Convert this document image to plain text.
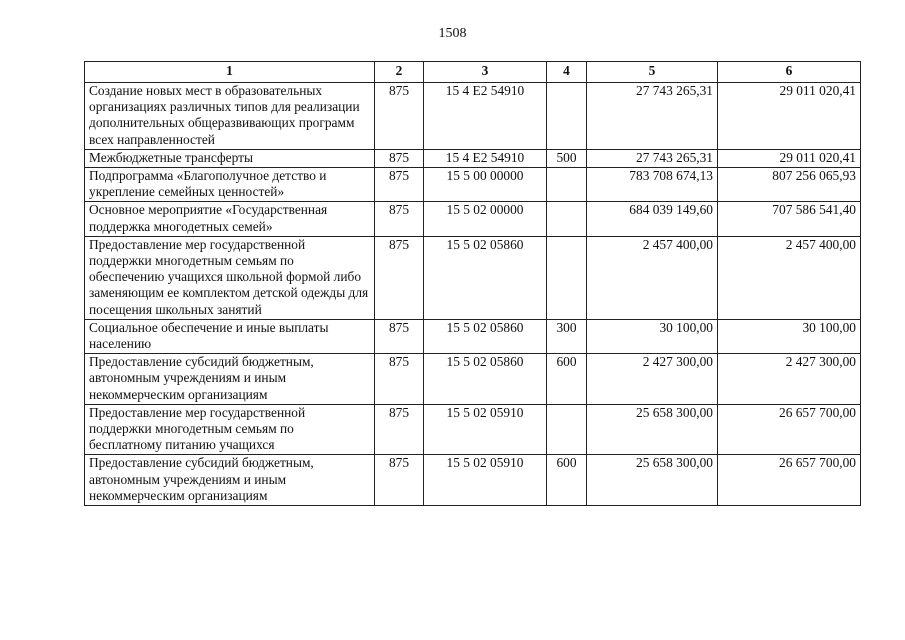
1508
1	2	3	4	5	6
Создание новых мест в образовательных организациях различных типов для реализации дополнительных общеразвивающих программ всех направленностей	875	15 4 E2 54910		27 743 265,31	29 011 020,41
Межбюджетные трансферты	875	15 4 E2 54910	500	27 743 265,31	29 011 020,41
Подпрограмма «Благополучное детство и укрепление семейных ценностей»	875	15 5 00 00000		783 708 674,13	807 256 065,93
Основное мероприятие «Государственная поддержка многодетных семей»	875	15 5 02 00000		684 039 149,60	707 586 541,40
Предоставление мер государственной поддержки многодетным семьям по обеспечению учащихся школьной формой либо заменяющим ее комплектом детской одежды для посещения школьных занятий	875	15 5 02 05860		2 457 400,00	2 457 400,00
Социальное обеспечение и иные выплаты населению	875	15 5 02 05860	300	30 100,00	30 100,00
Предоставление субсидий бюджетным, автономным учреждениям и иным некоммерческим организациям	875	15 5 02 05860	600	2 427 300,00	2 427 300,00
Предоставление мер государственной поддержки многодетным семьям по бесплатному питанию учащихся	875	15 5 02 05910		25 658 300,00	26 657 700,00
Предоставление субсидий бюджетным, автономным учреждениям и иным некоммерческим организациям	875	15 5 02 05910	600	25 658 300,00	26 657 700,00
